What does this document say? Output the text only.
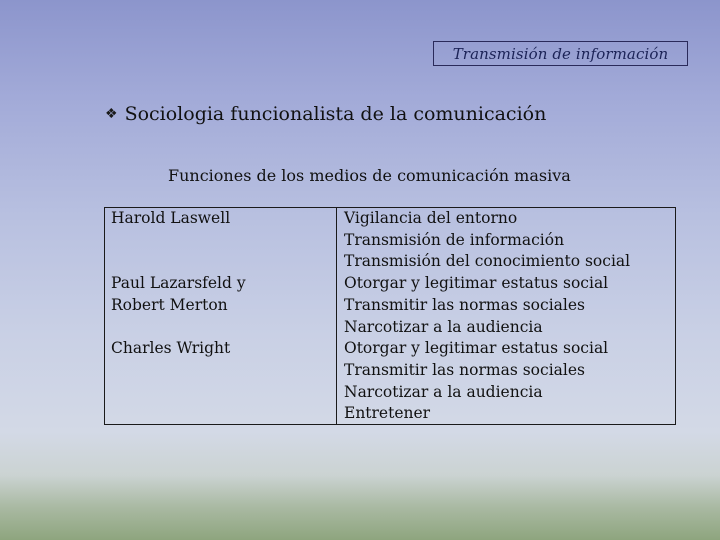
Transmisión de información
❖ Sociologia funcionalista de la comunicación
Funciones de los medios de comunicación masiva
Harold Laswell
Paul Lazarsfeld y
Robert Merton
Charles Wright
Vigilancia del entorno
Transmisión de información
Transmisión del conocimiento social
Otorgar y legitimar estatus social
Transmitir las normas sociales
Narcotizar a la audiencia
Otorgar y legitimar estatus social
Transmitir las normas sociales
Narcotizar a la audiencia
Entretener
